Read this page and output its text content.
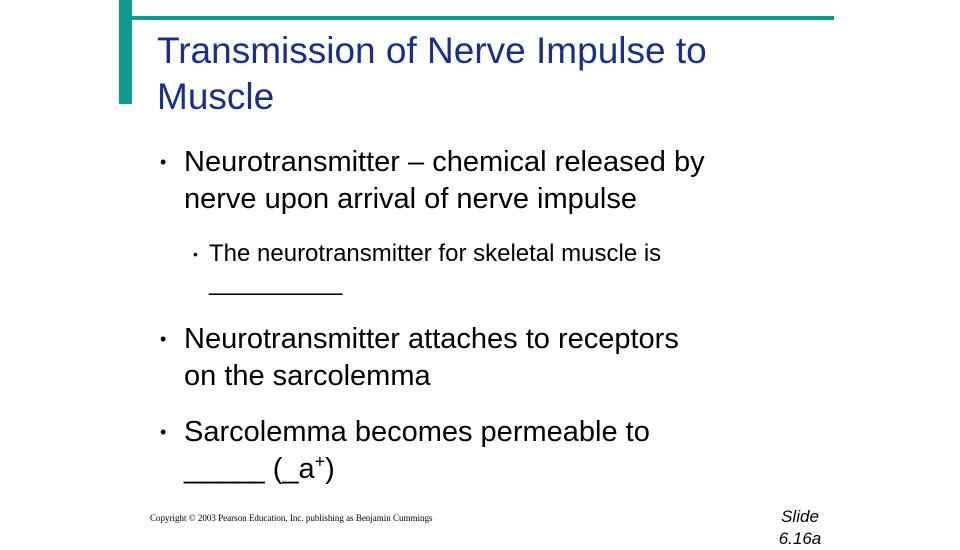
Transmission of Nerve Impulse to
Muscle
• Neurotransmitter – chemical released by
nerve upon arrival of nerve impulse
• The neurotransmitter for skeletal muscle is
__________
• Neurotransmitter attaches to receptors
on the sarcolemma
• Sarcolemma becomes permeable to
_____ (_a+)
Copyright © 2003 Pearson Education, Inc. publishing as Benjamin Cummings	Slide
6.16a
